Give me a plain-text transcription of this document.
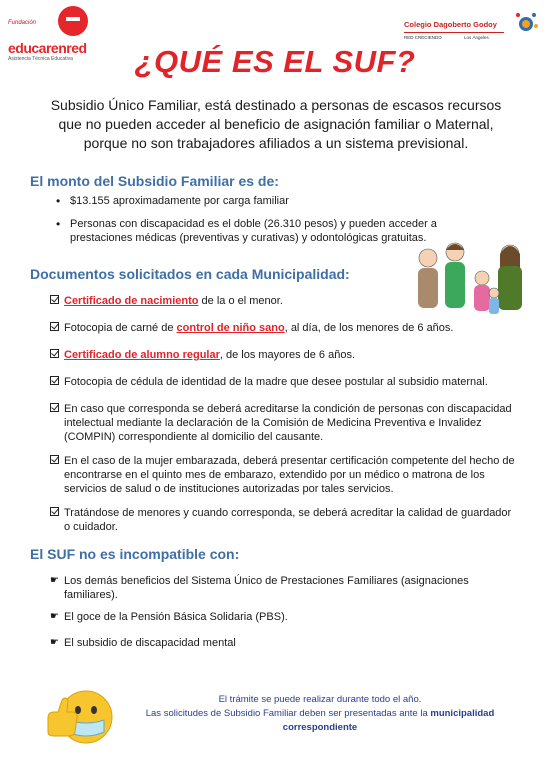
Fundación
educarenred
Asistencia Técnica Educativa
Colegio Dagoberto Godoy
RED CRECIENDO	Los Ángeles
¿QUÉ ES EL SUF?
Subsidio Único Familiar, está destinado a personas de escasos recursos que no pueden acceder al beneficio de asignación familiar o Maternal, porque no son trabajadores afiliados a un sistema previsional.
El monto del Subsidio Familiar es de:
• $13.155 aproximadamente por carga familiar
• Personas con discapacidad es el doble (26.310 pesos) y pueden acceder a prestaciones médicas (preventivas y curativas) y odontológicas gratuitas.
Documentos solicitados en cada Municipalidad:
Certificado de nacimiento de la o el menor.
Fotocopia de carné de control de niño sano, al día, de los menores de 6 años.
Certificado de alumno regular, de los mayores de 6 años.
Fotocopia de cédula de identidad de la madre que desee postular al subsidio maternal.
En caso que corresponda se deberá acreditarse la condición de personas con discapacidad intelectual mediante la declaración de la Comisión de Medicina Preventiva e Invalidez (COMPIN) correspondiente al domicilio del causante.
En el caso de la mujer embarazada, deberá presentar certificación competente del hecho de encontrarse en el quinto mes de embarazo, extendido por un médico o matrona de los servicios de salud o de instituciones autorizadas por tales servicios.
Tratándose de menores y cuando corresponda, se deberá acreditar la calidad de guardador o cuidador.
El SUF no es incompatible con:
☛ Los demás beneficios del Sistema Único de Prestaciones Familiares (asignaciones familiares).
☛ El goce de la Pensión Básica Solidaria (PBS).
☛ El subsidio de discapacidad mental
El trámite se puede realizar durante todo el año.
Las solicitudes de Subsidio Familiar deben ser presentadas ante la municipalidad correspondiente
